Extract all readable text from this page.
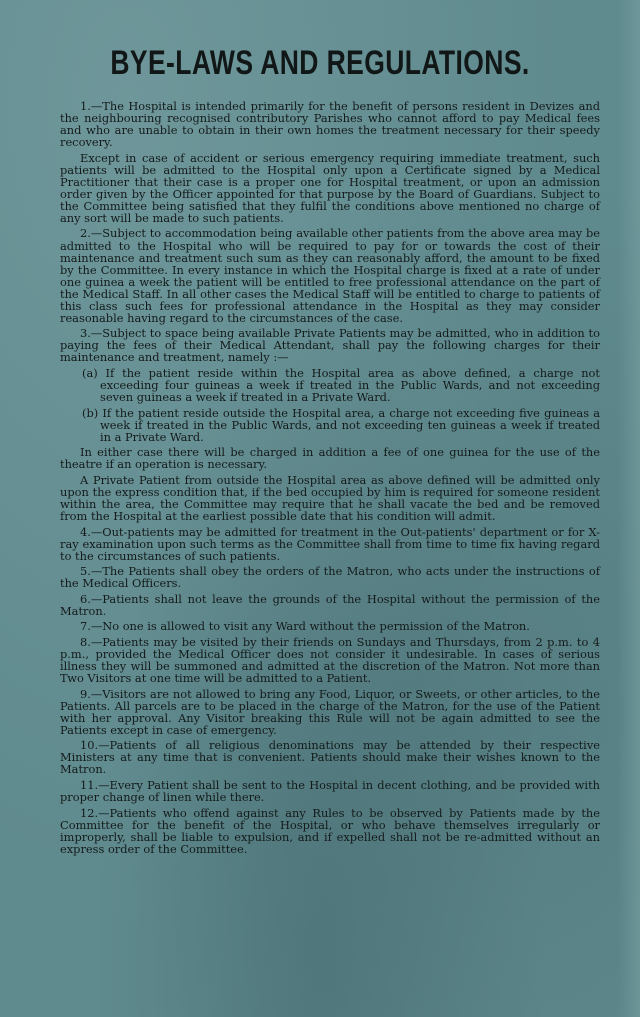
BYE-LAWS AND REGULATIONS.

1.—The Hospital is intended primarily for the benefit of persons resident in Devizes and the neighbouring recognised contributory Parishes who cannot afford to pay Medical fees and who are unable to obtain in their own homes the treatment necessary for their speedy recovery.

Except in case of accident or serious emergency requiring immediate treatment, such patients will be admitted to the Hospital only upon a Certificate signed by a Medical Practitioner that their case is a proper one for Hospital treatment, or upon an admission order given by the Officer appointed for that purpose by the Board of Guardians. Subject to the Committee being satisfied that they fulfil the conditions above mentioned no charge of any sort will be made to such patients.

2.—Subject to accommodation being available other patients from the above area may be admitted to the Hospital who will be required to pay for or towards the cost of their maintenance and treatment such sum as they can reasonably afford, the amount to be fixed by the Committee. In every instance in which the Hospital charge is fixed at a rate of under one guinea a week the patient will be entitled to free professional attendance on the part of the Medical Staff. In all other cases the Medical Staff will be entitled to charge to patients of this class such fees for professional attendance in the Hospital as they may consider reasonable having regard to the circumstances of the case.

3.—Subject to space being available Private Patients may be admitted, who in addition to paying the fees of their Medical Attendant, shall pay the following charges for their maintenance and treatment, namely :—

(a) If the patient reside within the Hospital area as above defined, a charge not exceeding four guineas a week if treated in the Public Wards, and not exceeding seven guineas a week if treated in a Private Ward.

(b) If the patient reside outside the Hospital area, a charge not exceeding five guineas a week if treated in the Public Wards, and not exceeding ten guineas a week if treated in a Private Ward.

In either case there will be charged in addition a fee of one guinea for the use of the theatre if an operation is necessary.

A Private Patient from outside the Hospital area as above defined will be admitted only upon the express condition that, if the bed occupied by him is required for someone resident within the area, the Committee may require that he shall vacate the bed and be removed from the Hospital at the earliest possible date that his condition will admit.

4.—Out-patients may be admitted for treatment in the Out-patients' department or for X-ray examination upon such terms as the Committee shall from time to time fix having regard to the circumstances of such patients.

5.—The Patients shall obey the orders of the Matron, who acts under the instructions of the Medical Officers.

6.—Patients shall not leave the grounds of the Hospital without the permission of the Matron.

7.—No one is allowed to visit any Ward without the permission of the Matron.

8.—Patients may be visited by their friends on Sundays and Thursdays, from 2 p.m. to 4 p.m., provided the Medical Officer does not consider it undesirable. In cases of serious illness they will be summoned and admitted at the discretion of the Matron. Not more than Two Visitors at one time will be admitted to a Patient.

9.—Visitors are not allowed to bring any Food, Liquor, or Sweets, or other articles, to the Patients. All parcels are to be placed in the charge of the Matron, for the use of the Patient with her approval. Any Visitor breaking this Rule will not be again admitted to see the Patients except in case of emergency.

10.—Patients of all religious denominations may be attended by their respective Ministers at any time that is convenient. Patients should make their wishes known to the Matron.

11.—Every Patient shall be sent to the Hospital in decent clothing, and be provided with proper change of linen while there.

12.—Patients who offend against any Rules to be observed by Patients made by the Committee for the benefit of the Hospital, or who behave themselves irregularly or improperly, shall be liable to expulsion, and if expelled shall not be re-admitted without an express order of the Committee.
